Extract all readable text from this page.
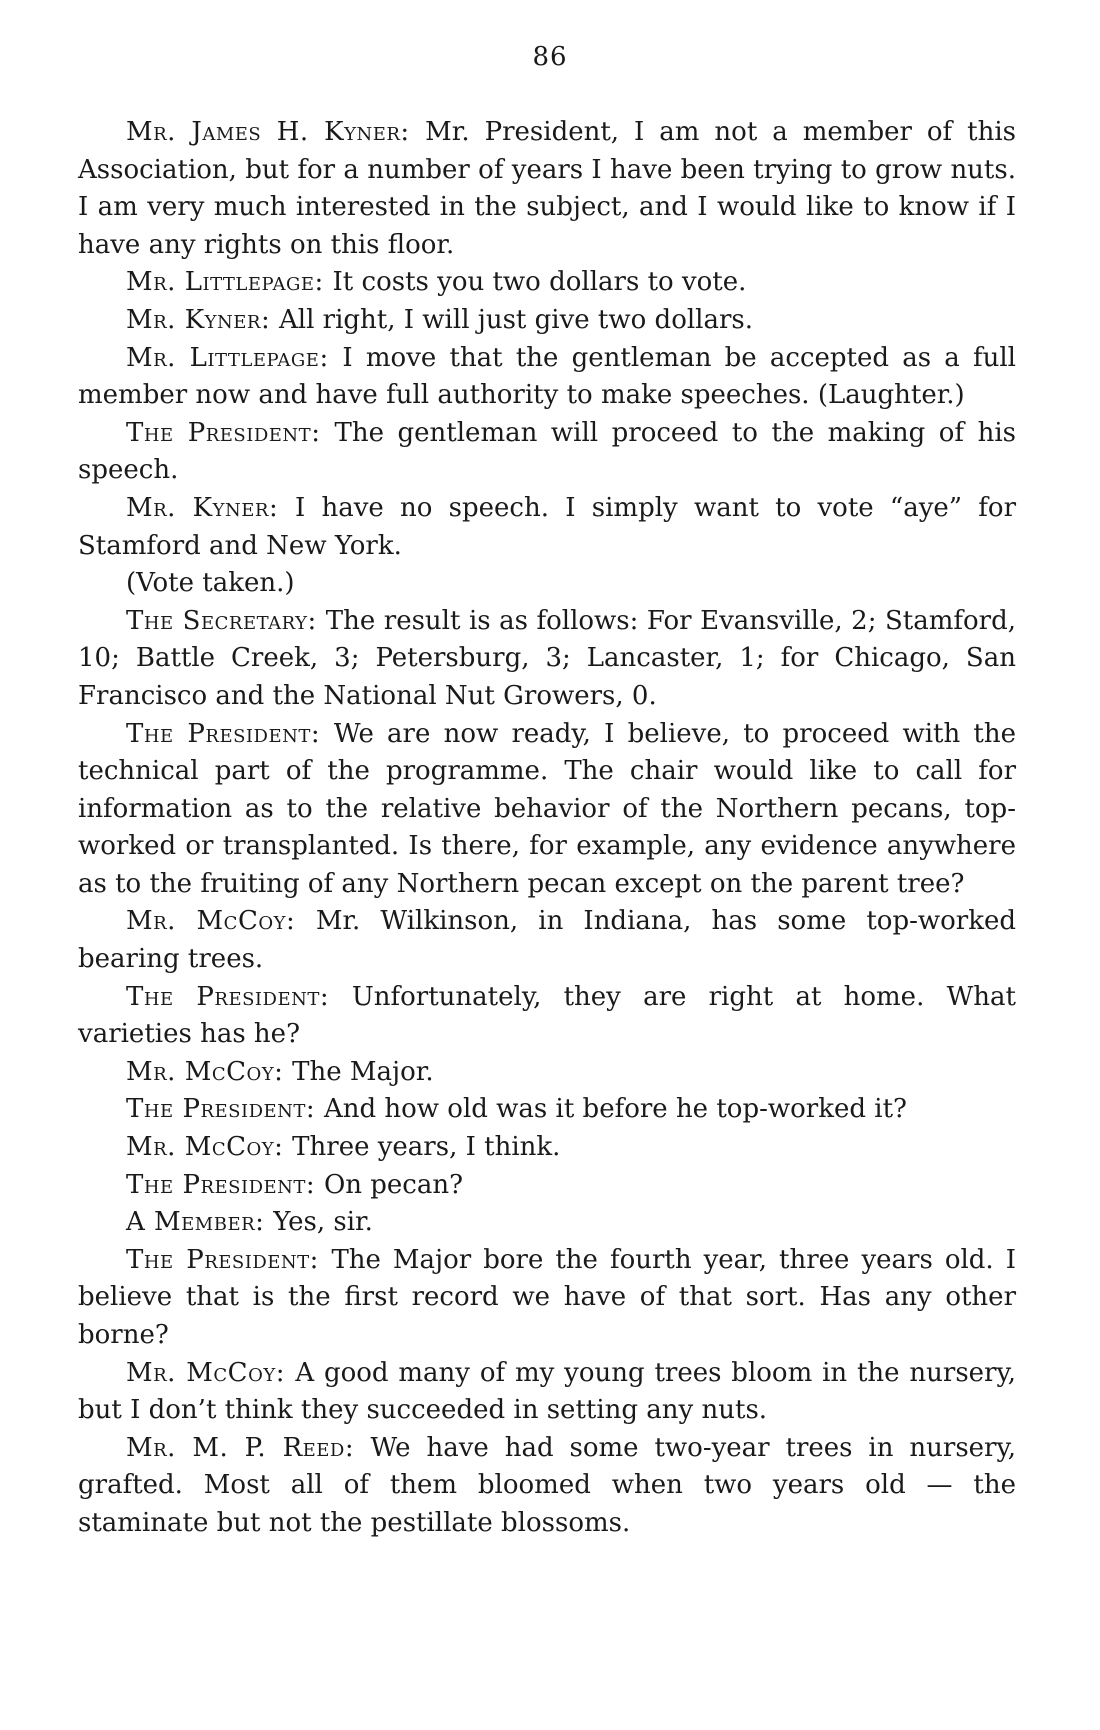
86

Mr. James H. Kyner : Mr. President, I am not a member of this Association, but for a number of years I have been trying to grow nuts. I am very much interested in the subject, and I would like to know if I have any rights on this floor.

Mr. Littlepage : It costs you two dollars to vote.

Mr. Kyner : All right, I will just give two dollars.

Mr. Littlepage : I move that the gentleman be accepted as a full member now and have full authority to make speeches. (Laughter.)

The President : The gentleman will proceed to the making of his speech.

Mr. Kyner : I have no speech. I simply want to vote “aye” for Stamford and New York.

(Vote taken.)

The Secretary : The result is as follows: For Evansville, 2; Stamford, 10; Battle Creek, 3; Petersburg, 3; Lancaster, 1; for Chicago, San Francisco and the National Nut Growers, 0.

The President : We are now ready, I believe, to proceed with the technical part of the programme. The chair would like to call for information as to the relative behavior of the Northern pecans, top-worked or transplanted. Is there, for example, any evidence anywhere as to the fruiting of any Northern pecan except on the parent tree?

Mr. McCoy : Mr. Wilkinson, in Indiana, has some top-worked bearing trees.

The President : Unfortunately, they are right at home. What varieties has he?

Mr. McCoy : The Major.

The President : And how old was it before he top-worked it?

Mr. McCoy : Three years, I think.

The President : On pecan?

A Member : Yes, sir.

The President : The Major bore the fourth year, three years old. I believe that is the first record we have of that sort. Has any other borne?

Mr. McCoy : A good many of my young trees bloom in the nursery, but I don’t think they succeeded in setting any nuts.

Mr. M. P. Reed : We have had some two-year trees in nursery, grafted. Most all of them bloomed when two years old — the staminate but not the pestillate blossoms.
